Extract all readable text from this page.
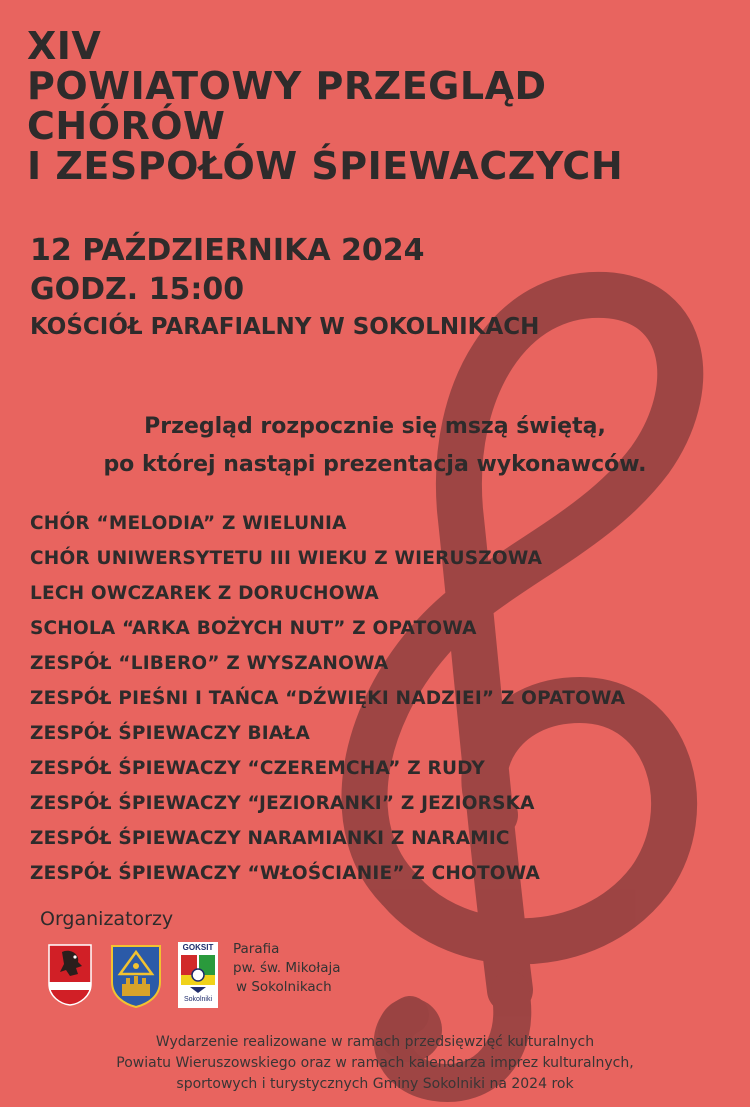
XIV
POWIATOWY PRZEGLĄD
CHÓRÓW
I ZESPOŁÓW ŚPIEWACZYCH
12 PAŹDZIERNIKA 2024
GODZ. 15:00
KOŚCIÓŁ PARAFIALNY W SOKOLNIKACH
Przegląd rozpocznie się mszą świętą,
po której nastąpi prezentacja wykonawców.
CHÓR “MELODIA” Z WIELUNIA
CHÓR UNIWERSYTETU III WIEKU Z WIERUSZOWA
LECH OWCZAREK Z DORUCHOWA
SCHOLA “ARKA BOŻYCH NUT” Z OPATOWA
ZESPÓŁ “LIBERO” Z WYSZANOWA
ZESPÓŁ PIEŚNI I TAŃCA “DŹWIĘKI NADZIEI” Z OPATOWA
ZESPÓŁ ŚPIEWACZY BIAŁA
ZESPÓŁ ŚPIEWACZY “CZEREMCHA” Z RUDY
ZESPÓŁ ŚPIEWACZY “JEZIORANKI” Z JEZIORSKA
ZESPÓŁ ŚPIEWACZY NARAMIANKI Z NARAMIC
ZESPÓŁ ŚPIEWACZY “WŁOŚCIANIE” Z CHOTOWA
Organizatorzy
GOKSIT
Sokolniki
Parafia
pw. św. Mikołaja
w Sokolnikach
Wydarzenie realizowane w ramach przedsięwzięć kulturalnych
Powiatu Wieruszowskiego oraz w ramach kalendarza imprez kulturalnych,
sportowych i turystycznych Gminy Sokolniki na 2024 rok
